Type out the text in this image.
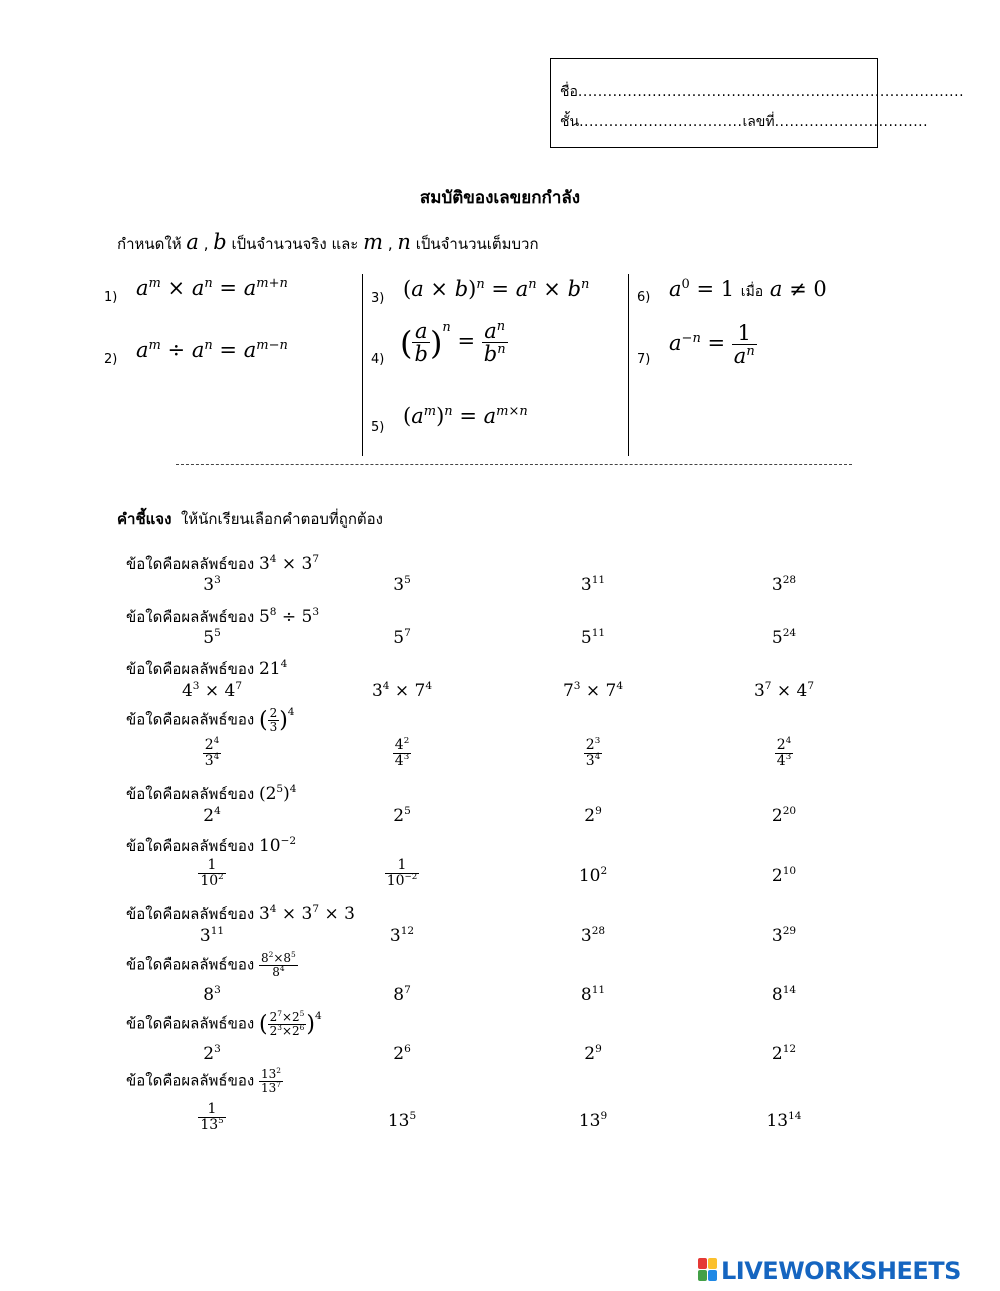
ชื่อ..............................................................................
ชั้น.................................เลขที่...............................
สมบัติของเลขยกกำลัง
กำหนดให้ a , b เป็นจำนวนจริง และ m , n เป็นจำนวนเต็มบวก
1) $a^m \times a^n = a^{m+n}$
2) $a^m \div a^n = a^{m-n}$
3) $(a \times b)^n = a^n \times b^n$
4) ( $\frac{a}{b} )^n = \frac{a^n}{b^n}$
5) $(a^m)^n = a^{m\times n}$
6) $a^0 = 1$ เมื่อ a ≠ 0
7)
$a^{-n} = \frac{1}{a^n}$
คำชี้แจง ให้นักเรียนเลือกคำตอบที่ถูกต้อง
ข้อใดคือผลลัพธ์ของ $3^4 \times 3^7$
$3^3$	$3^5$	$3^{11}$	$3^{28}$
ข้อใดคือผลลัพธ์ของ $5^8 \div 5^3$
$5^5$	$5^7$	$5^{11}$	$5^{24}$
ข้อใดคือผลลัพธ์ของ $21^4$
$4^3 \times 4^7$	$3^4 \times 7^4$	$7^3 \times 7^4$	$3^7 \times 4^7$
ข้อใดคือผลลัพธ์ของ ( $\frac{2}{3} )^4$
$\frac{2^4}{3^4}$	$\frac{4^2}{4^3}$	$\frac{2^3}{3^4}$	$\frac{2^4}{4^3}$
ข้อใดคือผลลัพธ์ของ $(2^5)^4$
$2^4$	$2^5$	$2^9$	$2^{20}$
ข้อใดคือผลลัพธ์ของ $10^{-2}$
$\frac{1}{10^2}$	$\frac{1}{10^{-2}}$	$10^2$	$2^{10}$
ข้อใดคือผลลัพธ์ของ $3^4 \times 3^7 \times 3$
$3^{11}$	$3^{12}$	$3^{28}$	$3^{29}$
ข้อใดคือผลลัพธ์ของ $\frac{8^2\times 8^5}{8^4}$
$8^3$	$8^7$	$8^{11}$	$8^{14}$
ข้อใดคือผลลัพธ์ของ ( $\frac{2^7\times 2^5}{2^3\times 2^6} )^4$
$2^3$	$2^6$	$2^9$	$2^{12}$
ข้อใดคือผลลัพธ์ของ $\frac{13^2}{13^7}$
$\frac{1}{13^5}$	$13^5$	$13^9$	$13^{14}$
LIVEWORKSHEETS
